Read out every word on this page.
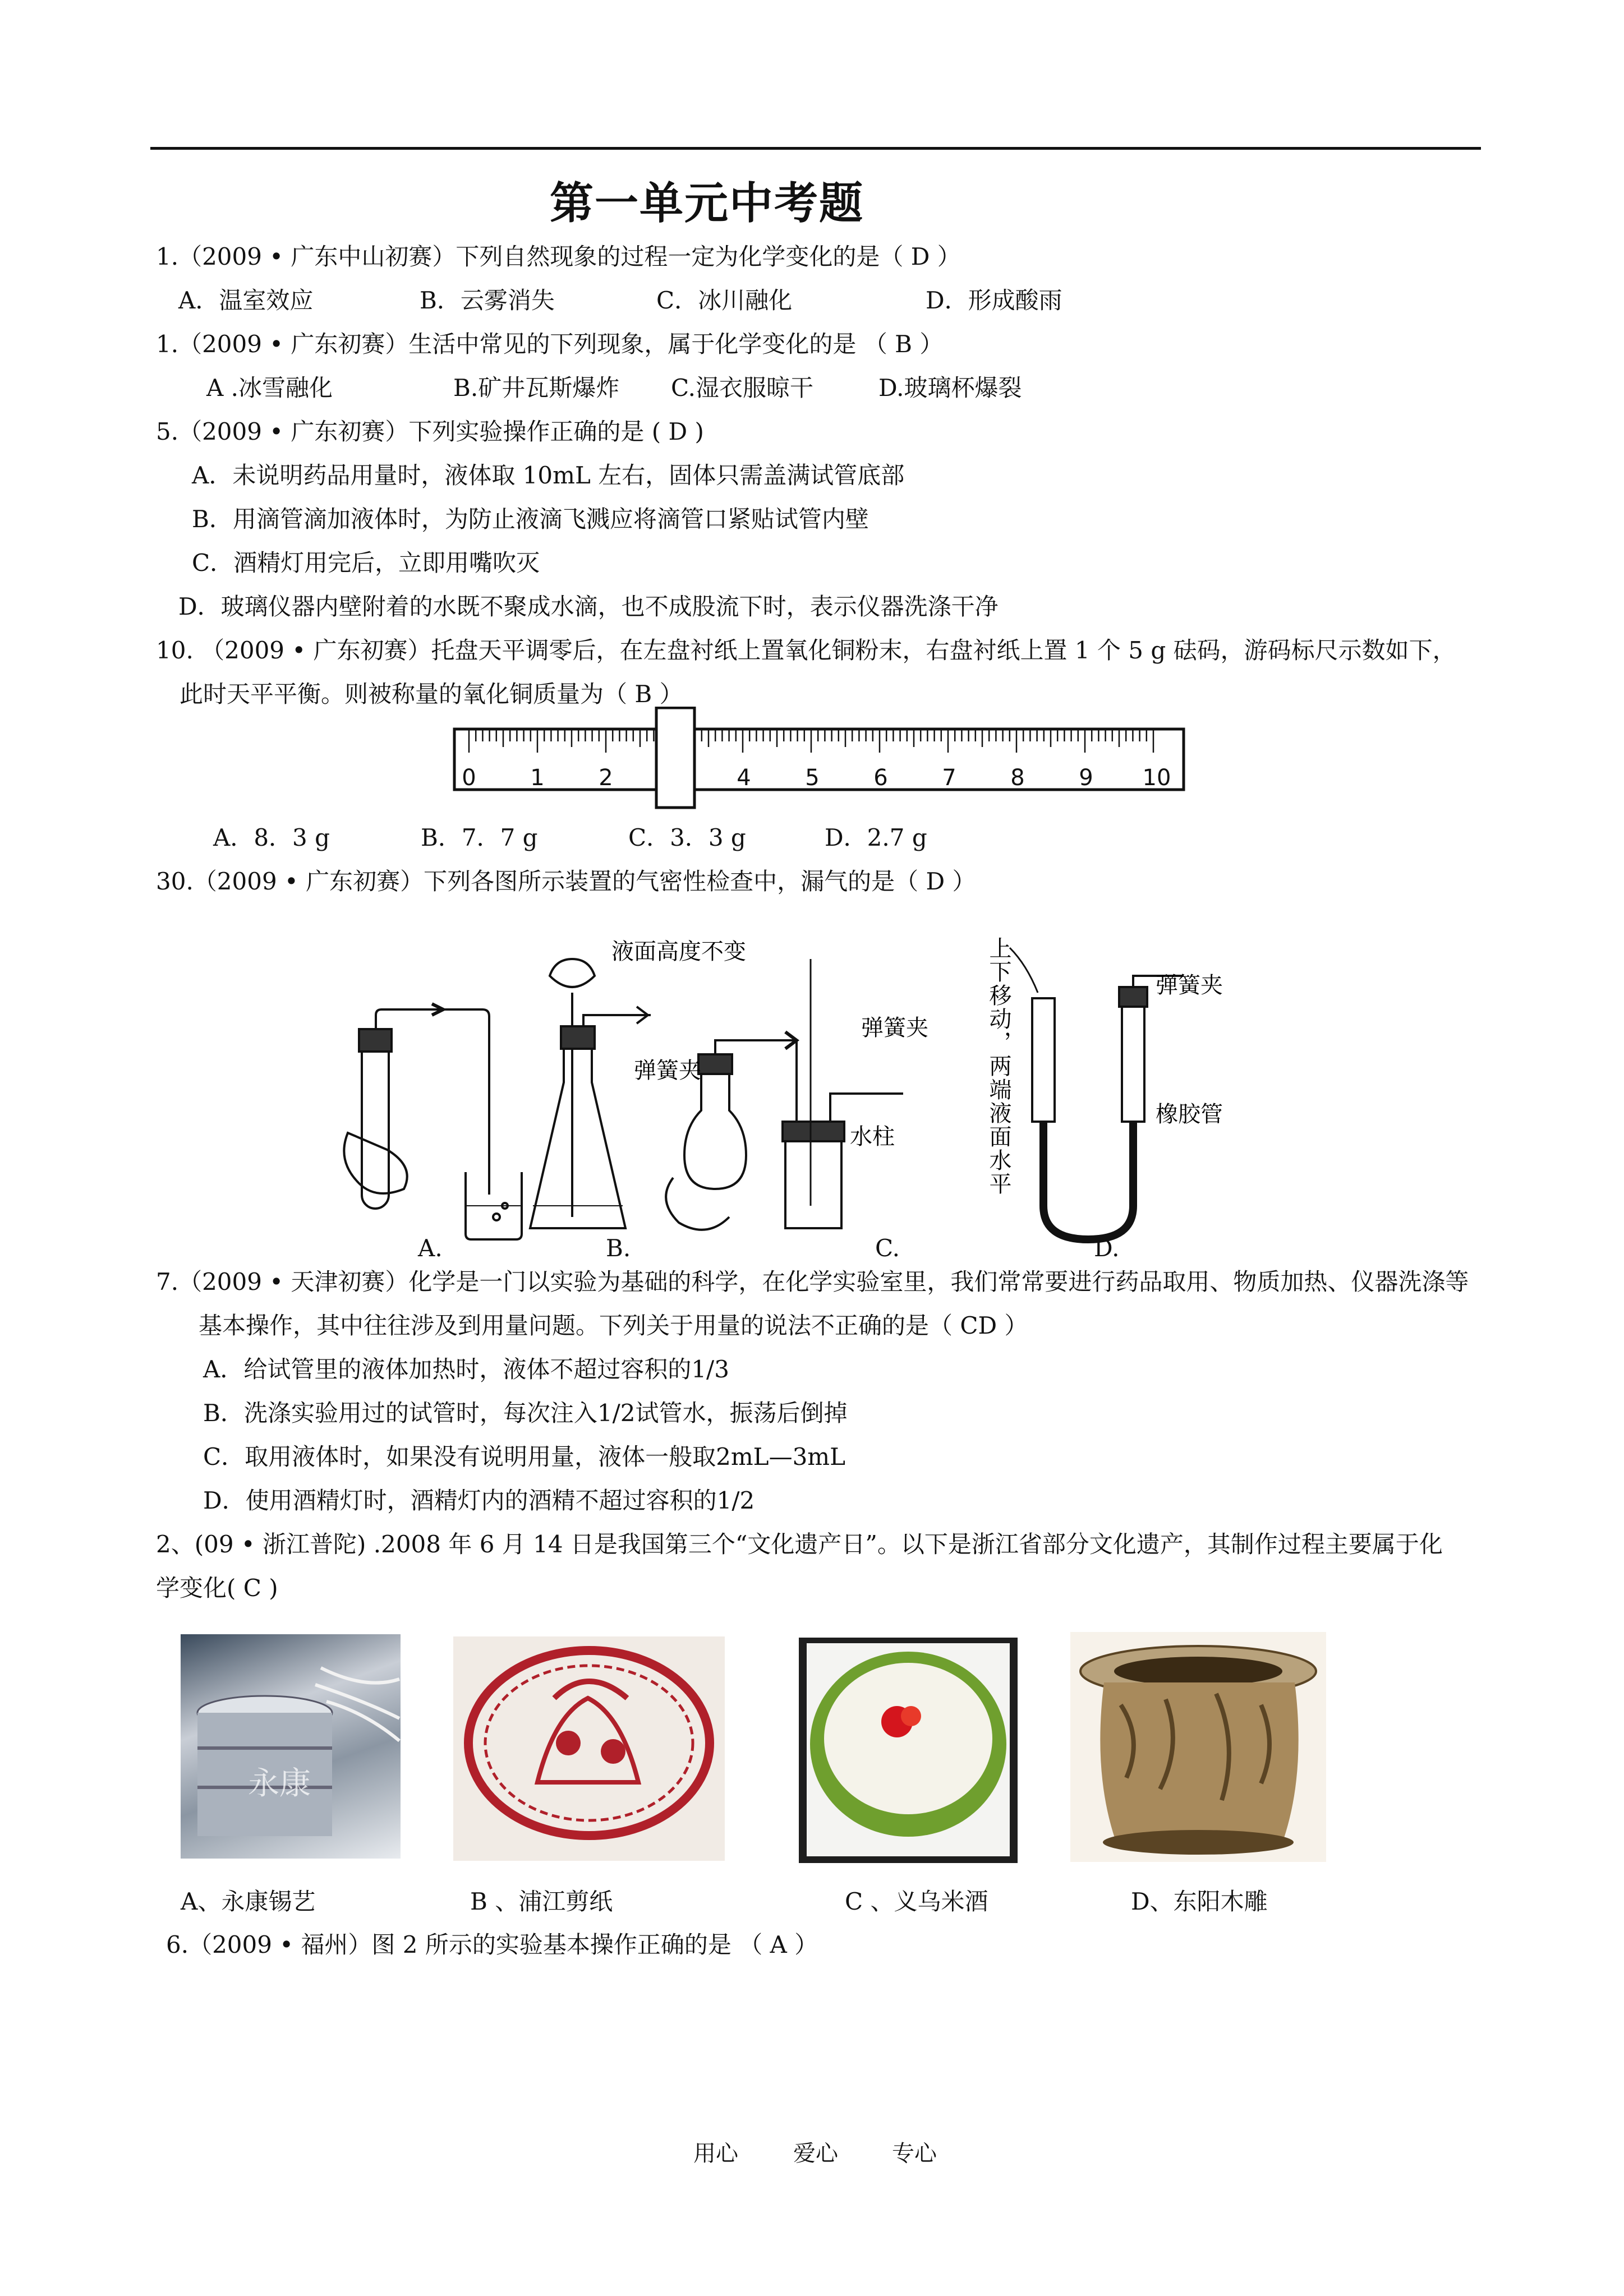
第一单元中考题
1.（2009 • 广东中山初赛）下列自然现象的过程一定为化学变化的是（ D ）
A．温室效应	B．云雾消失	C．冰川融化	D．形成酸雨
1.（2009 • 广东初赛）生活中常见的下列现象，属于化学变化的是 （ B ）
A .冰雪融化	B.矿井瓦斯爆炸 C.湿衣服晾干	D.玻璃杯爆裂
5.（2009 • 广东初赛）下列实验操作正确的是 ( D )
A．未说明药品用量时，液体取 10mL 左右，固体只需盖满试管底部
B．用滴管滴加液体时，为防止液滴飞溅应将滴管口紧贴试管内壁
C．酒精灯用完后，立即用嘴吹灭
D．玻璃仪器内壁附着的水既不聚成水滴，也不成股流下时，表示仪器洗涤干净
10. （2009 • 广东初赛）托盘天平调零后，在左盘衬纸上置氧化铜粉末，右盘衬纸上置 1 个 5 g 砝码，游码标尺示数如下，
此时天平平衡。则被称量的氧化铜质量为（ B ）
0 1 2	4 5 6 7 8 9 10
A．8．3 g	B．7．7 g	C．3．3 g	D．2.7 g
30.（2009 • 广东初赛）下列各图所示装置的气密性检查中，漏气的是（ D ）
液面高度不变
弹簧夹
弹簧夹
水柱
弹簧夹
橡胶管
上下移动，两端液面水平
A.	B.	C.	D.
7.（2009 • 天津初赛）化学是一门以实验为基础的科学，在化学实验室里，我们常常要进行药品取用、物质加热、仪器洗涤等
基本操作，其中往往涉及到用量问题。下列关于用量的说法不正确的是（ CD ）
A．给试管里的液体加热时，液体不超过容积的1/3
B．洗涤实验用过的试管时，每次注入1/2试管水，振荡后倒掉
C．取用液体时，如果没有说明用量，液体一般取2mL—3mL
D．使用酒精灯时，酒精灯内的酒精不超过容积的1/2
2、(09 • 浙江普陀) .2008 年 6 月 14 日是我国第三个“文化遗产日”。以下是浙江省部分文化遗产，其制作过程主要属于化
学变化( C )
永康
A、永康锡艺	B 、浦江剪纸	C 、义乌米酒	D、东阳木雕
6.（2009 • 福州）图 2 所示的实验基本操作正确的是 （ A ）
用心 爱心 专心
